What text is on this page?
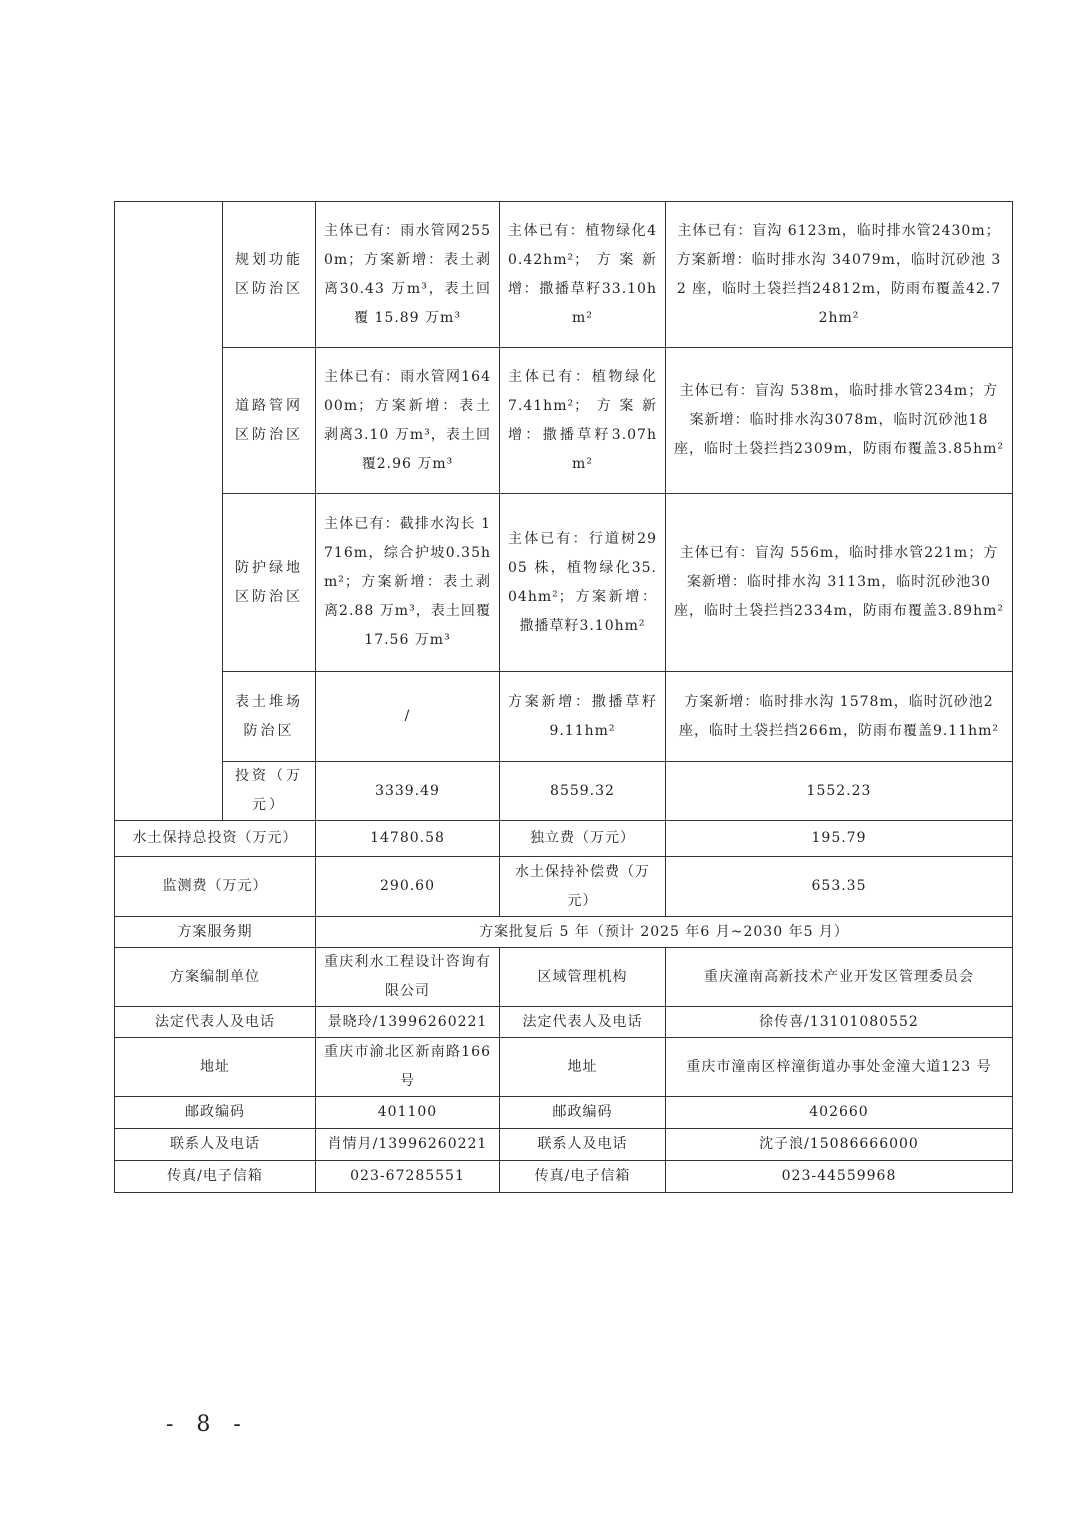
	规划功能区防治区	主体已有：雨水管网2550m；方案新增：表土剥离30.43 万m³，表土回覆 15.89 万m³	主体已有：植物绿化40.42hm²；方案新增：撒播草籽33.10hm²	主体已有：盲沟 6123m，临时排水管2430m；方案新增：临时排水沟 34079m，临时沉砂池 32 座，临时土袋拦挡24812m，防雨布覆盖42.72hm²
	道路管网区防治区	主体已有：雨水管网16400m；方案新增：表土剥离3.10 万m³，表土回覆2.96 万m³	主体已有：植物绿化 7.41hm²；方案新增：撒播草籽3.07hm²	主体已有：盲沟 538m，临时排水管234m；方案新增：临时排水沟3078m，临时沉砂池18 座，临时土袋拦挡2309m，防雨布覆盖3.85hm²
	防护绿地区防治区	主体已有：截排水沟长 1716m，综合护坡0.35hm²；方案新增：表土剥离2.88 万m³，表土回覆17.56 万m³	主体已有：行道树2905 株，植物绿化35.04hm²；方案新增：撒播草籽3.10hm²	主体已有：盲沟 556m，临时排水管221m；方案新增：临时排水沟 3113m，临时沉砂池30 座，临时土袋拦挡2334m，防雨布覆盖3.89hm²
	表土堆场防治区	/	方案新增：撒播草籽9.11hm²	方案新增：临时排水沟 1578m，临时沉砂池2 座，临时土袋拦挡266m，防雨布覆盖9.11hm²
	投资（万元）	3339.49	8559.32	1552.23
水土保持总投资（万元）		14780.58	独立费（万元）	195.79
监测费（万元）		290.60	水土保持补偿费（万元）	653.35
方案服务期		方案批复后 5 年（预计 2025 年6 月~2030 年5 月）		
方案编制单位		重庆利水工程设计咨询有限公司	区域管理机构	重庆潼南高新技术产业开发区管理委员会
法定代表人及电话		景晓玲/13996260221	法定代表人及电话	徐传喜/13101080552
地址		重庆市渝北区新南路166 号	地址	重庆市潼南区梓潼街道办事处金潼大道123 号
邮政编码		401100	邮政编码	402660
联系人及电话		肖情月/13996260221	联系人及电话	沈子浪/15086666000
传真/电子信箱		023-67285551	传真/电子信箱	023-44559968
- 8 -
